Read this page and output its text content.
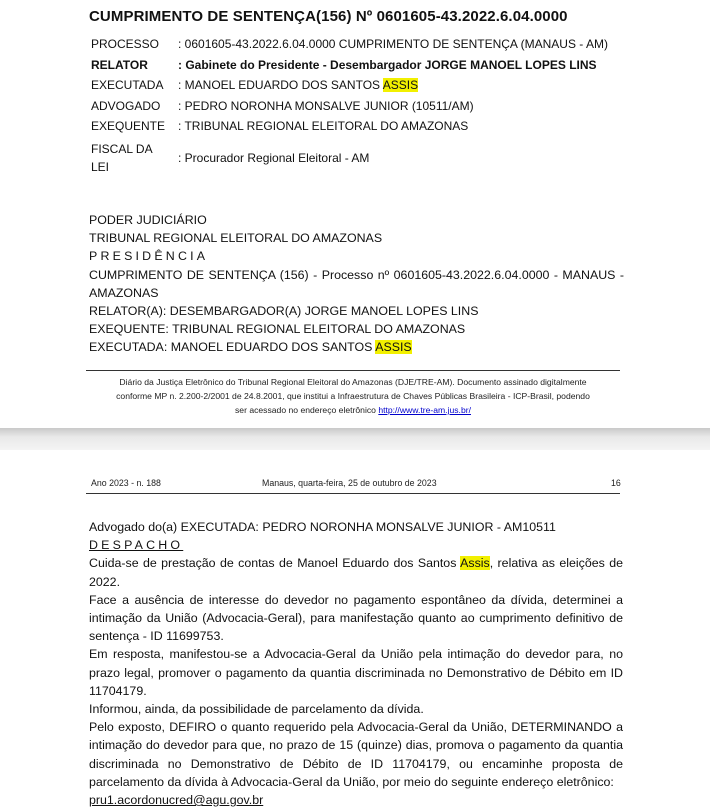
CUMPRIMENTO DE SENTENÇA(156) Nº 0601605-43.2022.6.04.0000
PROCESSO	: 0601605-43.2022.6.04.0000 CUMPRIMENTO DE SENTENÇA (MANAUS - AM)
RELATOR	: Gabinete do Presidente - Desembargador JORGE MANOEL LOPES LINS
EXECUTADA	: MANOEL EDUARDO DOS SANTOS ASSIS
ADVOGADO	: PEDRO NORONHA MONSALVE JUNIOR (10511/AM)
EXEQUENTE	: TRIBUNAL REGIONAL ELEITORAL DO AMAZONAS

FISCAL DA
LEI	: Procurador Regional Eleitoral - AM
PODER JUDICIÁRIO
TRIBUNAL REGIONAL ELEITORAL DO AMAZONAS
PRESIDÊNCIA
CUMPRIMENTO DE SENTENÇA (156) - Processo nº 0601605-43.2022.6.04.0000 - MANAUS -
AMAZONAS
RELATOR(A): DESEMBARGADOR(A) JORGE MANOEL LOPES LINS
EXEQUENTE: TRIBUNAL REGIONAL ELEITORAL DO AMAZONAS
EXECUTADA: MANOEL EDUARDO DOS SANTOS ASSIS
Diário da Justiça Eletrônico do Tribunal Regional Eleitoral do Amazonas (DJE/TRE-AM). Documento assinado digitalmente
conforme MP n. 2.200-2/2001 de 24.8.2001, que institui a Infraestrutura de Chaves Públicas Brasileira - ICP-Brasil, podendo
ser acessado no endereço eletrônico http://www.tre-am.jus.br/
Ano 2023 - n. 188	Manaus, quarta-feira, 25 de outubro de 2023	16

Advogado do(a) EXECUTADA: PEDRO NORONHA MONSALVE JUNIOR - AM10511

DESPACHO

Cuida-se de prestação de contas de Manoel Eduardo dos Santos Assis, relativa as eleições de 2022.

Face a ausência de interesse do devedor no pagamento espontâneo da dívida, determinei a intimação da União (Advocacia-Geral), para manifestação quanto ao cumprimento definitivo de sentença - ID 11699753.

Em resposta, manifestou-se a Advocacia-Geral da União pela intimação do devedor para, no prazo legal, promover o pagamento da quantia discriminada no Demonstrativo de Débito em ID 11704179.

Informou, ainda, da possibilidade de parcelamento da dívida.

Pelo exposto, DEFIRO o quanto requerido pela Advocacia-Geral da União, DETERMINANDO a intimação do devedor para que, no prazo de 15 (quinze) dias, promova o pagamento da quantia discriminada no Demonstrativo de Débito de ID 11704179, ou encaminhe proposta de parcelamento da dívida à Advocacia-Geral da União, por meio do seguinte endereço eletrônico:

pru1.acordonucred@agu.gov.br
